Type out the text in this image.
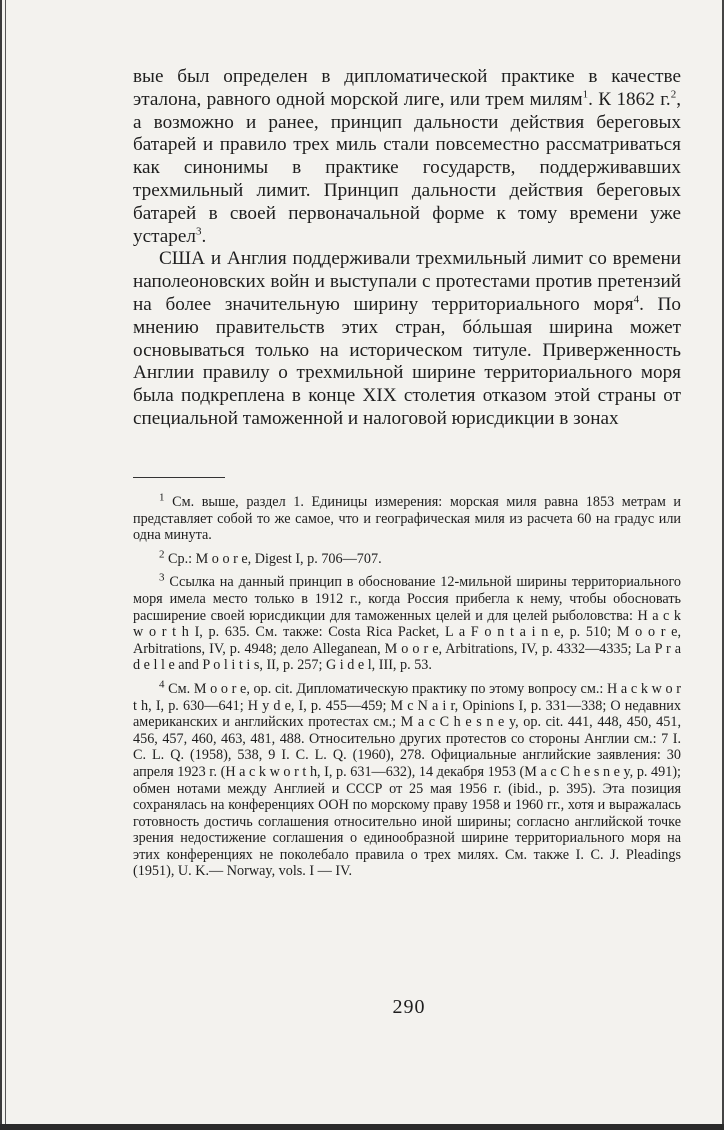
вые был определен в дипломатической практике в качестве эталона, равного одной морской лиге, или трем милям$^1$. К 1862 г.$^2$, а возможно и ранее, принцип дальности действия береговых батарей и правило трех миль стали повсеместно рассматриваться как синонимы в практике государств, поддерживавших трехмильный лимит. Принцип дальности действия береговых батарей в своей первоначальной форме к тому времени уже устарел$^3$.

США и Англия поддерживали трехмильный лимит со времени наполеоновских войн и выступали с протестами против претензий на более значительную ширину территориального моря$^4$. По мнению правительств этих стран, бóльшая ширина может основываться только на историческом титуле. Приверженность Англии правилу о трехмильной ширине территориального моря была подкреплена в конце XIX столетия отказом этой страны от специальной таможенной и налоговой юрисдикции в зонах

$^1$ См. выше, раздел 1. Единицы измерения: морская миля равна 1853 метрам и представляет собой то же самое, что и географическая миля из расчета 60 на градус или одна минута.

$^2$ Ср.: M o o r e, Digest I, p. 706—707.

$^3$ Ссылка на данный принцип в обоснование 12-мильной ширины территориального моря имела место только в 1912 г., когда Россия прибегла к нему, чтобы обосновать расширение своей юрисдикции для таможенных целей и для целей рыболовства: H a c k w o r t h I, p. 635. См. также: Costa Rica Packet, L a F o n t a i n e, p. 510; M o o r e, Arbitrations, IV, p. 4948; дело Alleganean, M o o r e, Arbitrations, IV, p. 4332—4335; La P r a d e l l e and P o l i t i s, II, p. 257; G i d e l, III, p. 53.

$^4$ См. M o o r e, op. cit. Дипломатическую практику по этому вопросу см.: H a c k w o r t h, I, p. 630—641; H y d e, I, p. 455—459; M c N a i r, Opinions I, p. 331—338; О недавних американских и английских протестах см.; M a c C h e s n e y, op. cit. 441, 448, 450, 451, 456, 457, 460, 463, 481, 488. Относительно других протестов со стороны Англии см.: 7 I. C. L. Q. (1958), 538, 9 I. C. L. Q. (1960), 278. Официальные английские заявления: 30 апреля 1923 г. (H a c k w o r t h, I, p. 631—632), 14 декабря 1953 (M a c C h e s n e y, p. 491); обмен нотами между Англией и СССР от 25 мая 1956 г. (ibid., p. 395). Эта позиция сохранялась на конференциях ООН по морскому праву 1958 и 1960 гг., хотя и выражалась готовность достичь соглашения относительно иной ширины; согласно английской точке зрения недостижение соглашения о единообразной ширине территориального моря на этих конференциях не поколебало правила о трех милях. См. также I. C. J. Pleadings (1951), U. K.— Norway, vols. I — IV.

290
